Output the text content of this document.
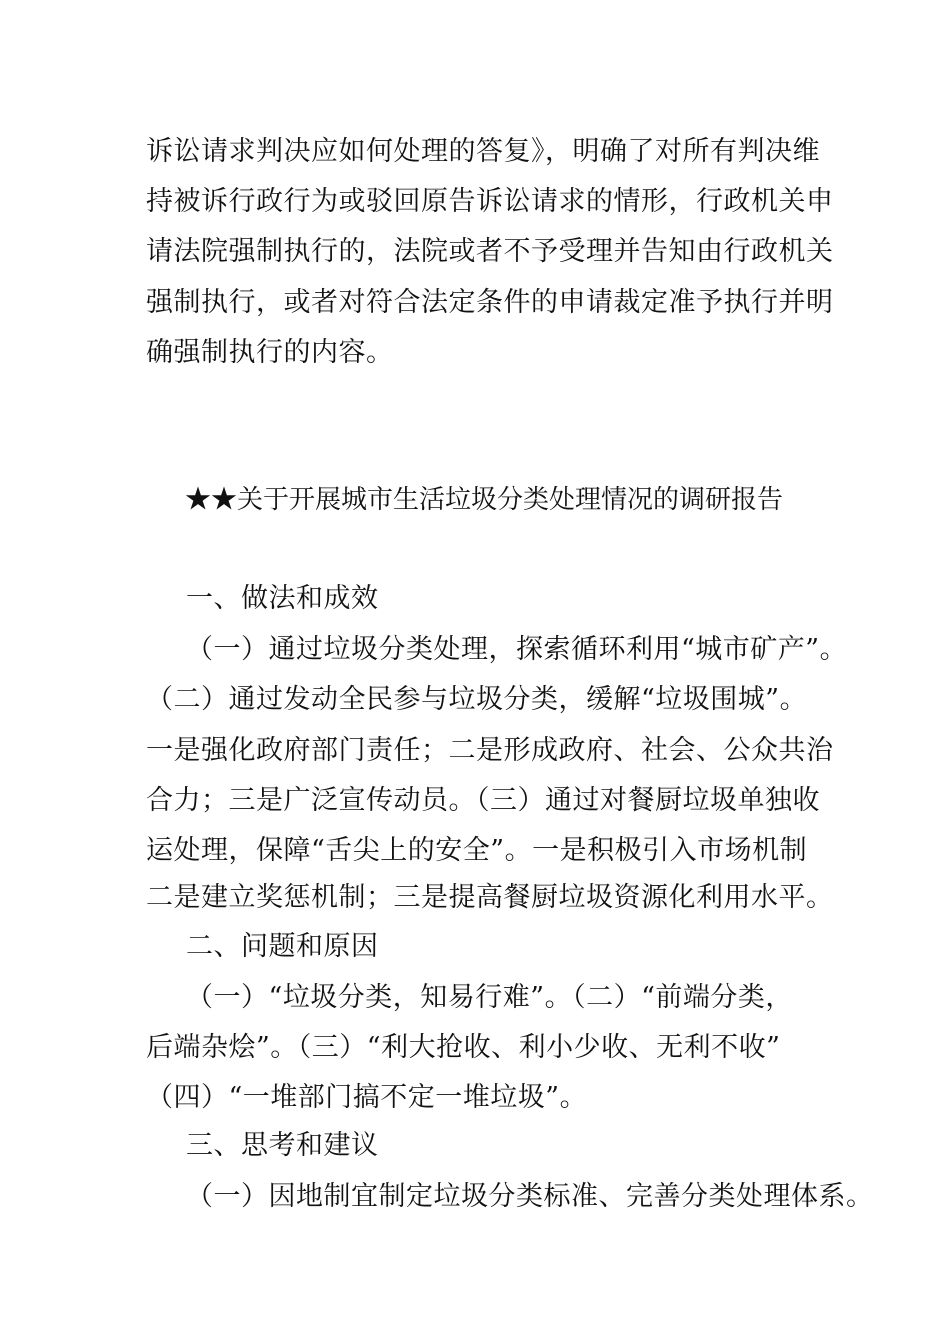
诉讼请求判决应如何处理的答复》，明确了对所有判决维
持被诉行政行为或驳回原告诉讼请求的情形，行政机关申
请法院强制执行的，法院或者不予受理并告知由行政机关
强制执行，或者对符合法定条件的申请裁定准予执行并明
确强制执行的内容。
★★关于开展城市生活垃圾分类处理情况的调研报告
一、做法和成效
（一）通过垃圾分类处理，探索循环利用“城市矿产”。
（二）通过发动全民参与垃圾分类，缓解“垃圾围城”。
一是强化政府部门责任；二是形成政府、社会、公众共治
合力；三是广泛宣传动员。（三）通过对餐厨垃圾单独收
运处理，保障“舌尖上的安全”。一是积极引入市场机制
二是建立奖惩机制；三是提高餐厨垃圾资源化利用水平。
二、问题和原因
（一）“垃圾分类，知易行难”。（二）“前端分类，
后端杂烩”。（三）“利大抢收、利小少收、无利不收”
（四）“一堆部门搞不定一堆垃圾”。
三、思考和建议
（一）因地制宜制定垃圾分类标准、完善分类处理体系。
